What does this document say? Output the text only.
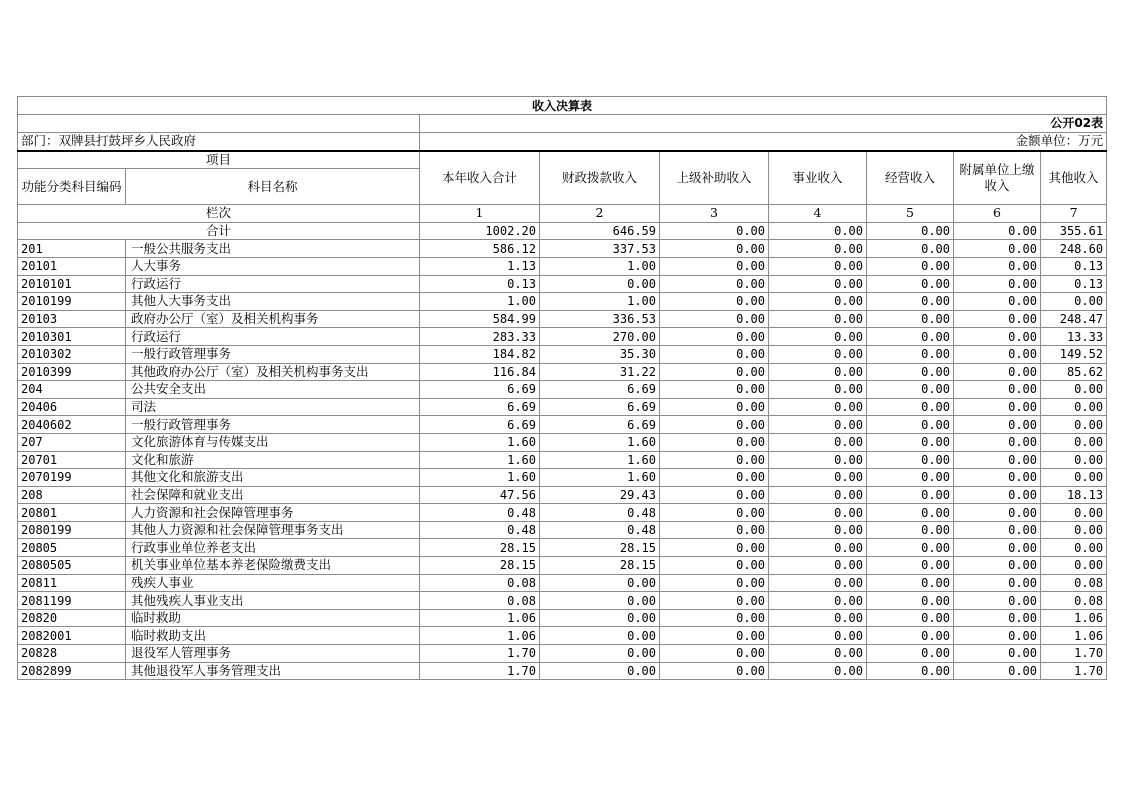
收入决算表								
		公开02表						
部门：双牌县打鼓坪乡人民政府		金额单位：万元						
项目		本年收入合计	财政拨款收入	上级补助收入	事业收入	经营收入	附属单位上缴收入	其他收入
功能分类科目编码	科目名称							
栏次		1	2	3	4	5	6	7
合计		1002.20	646.59	0.00	0.00	0.00	0.00	355.61
201	一般公共服务支出	586.12	337.53	0.00	0.00	0.00	0.00	248.60
20101	人大事务	1.13	1.00	0.00	0.00	0.00	0.00	0.13
2010101	行政运行	0.13	0.00	0.00	0.00	0.00	0.00	0.13
2010199	其他人大事务支出	1.00	1.00	0.00	0.00	0.00	0.00	0.00
20103	政府办公厅（室）及相关机构事务	584.99	336.53	0.00	0.00	0.00	0.00	248.47
2010301	行政运行	283.33	270.00	0.00	0.00	0.00	0.00	13.33
2010302	一般行政管理事务	184.82	35.30	0.00	0.00	0.00	0.00	149.52
2010399	其他政府办公厅（室）及相关机构事务支出	116.84	31.22	0.00	0.00	0.00	0.00	85.62
204	公共安全支出	6.69	6.69	0.00	0.00	0.00	0.00	0.00
20406	司法	6.69	6.69	0.00	0.00	0.00	0.00	0.00
2040602	一般行政管理事务	6.69	6.69	0.00	0.00	0.00	0.00	0.00
207	文化旅游体育与传媒支出	1.60	1.60	0.00	0.00	0.00	0.00	0.00
20701	文化和旅游	1.60	1.60	0.00	0.00	0.00	0.00	0.00
2070199	其他文化和旅游支出	1.60	1.60	0.00	0.00	0.00	0.00	0.00
208	社会保障和就业支出	47.56	29.43	0.00	0.00	0.00	0.00	18.13
20801	人力资源和社会保障管理事务	0.48	0.48	0.00	0.00	0.00	0.00	0.00
2080199	其他人力资源和社会保障管理事务支出	0.48	0.48	0.00	0.00	0.00	0.00	0.00
20805	行政事业单位养老支出	28.15	28.15	0.00	0.00	0.00	0.00	0.00
2080505	机关事业单位基本养老保险缴费支出	28.15	28.15	0.00	0.00	0.00	0.00	0.00
20811	残疾人事业	0.08	0.00	0.00	0.00	0.00	0.00	0.08
2081199	其他残疾人事业支出	0.08	0.00	0.00	0.00	0.00	0.00	0.08
20820	临时救助	1.06	0.00	0.00	0.00	0.00	0.00	1.06
2082001	临时救助支出	1.06	0.00	0.00	0.00	0.00	0.00	1.06
20828	退役军人管理事务	1.70	0.00	0.00	0.00	0.00	0.00	1.70
2082899	其他退役军人事务管理支出	1.70	0.00	0.00	0.00	0.00	0.00	1.70
